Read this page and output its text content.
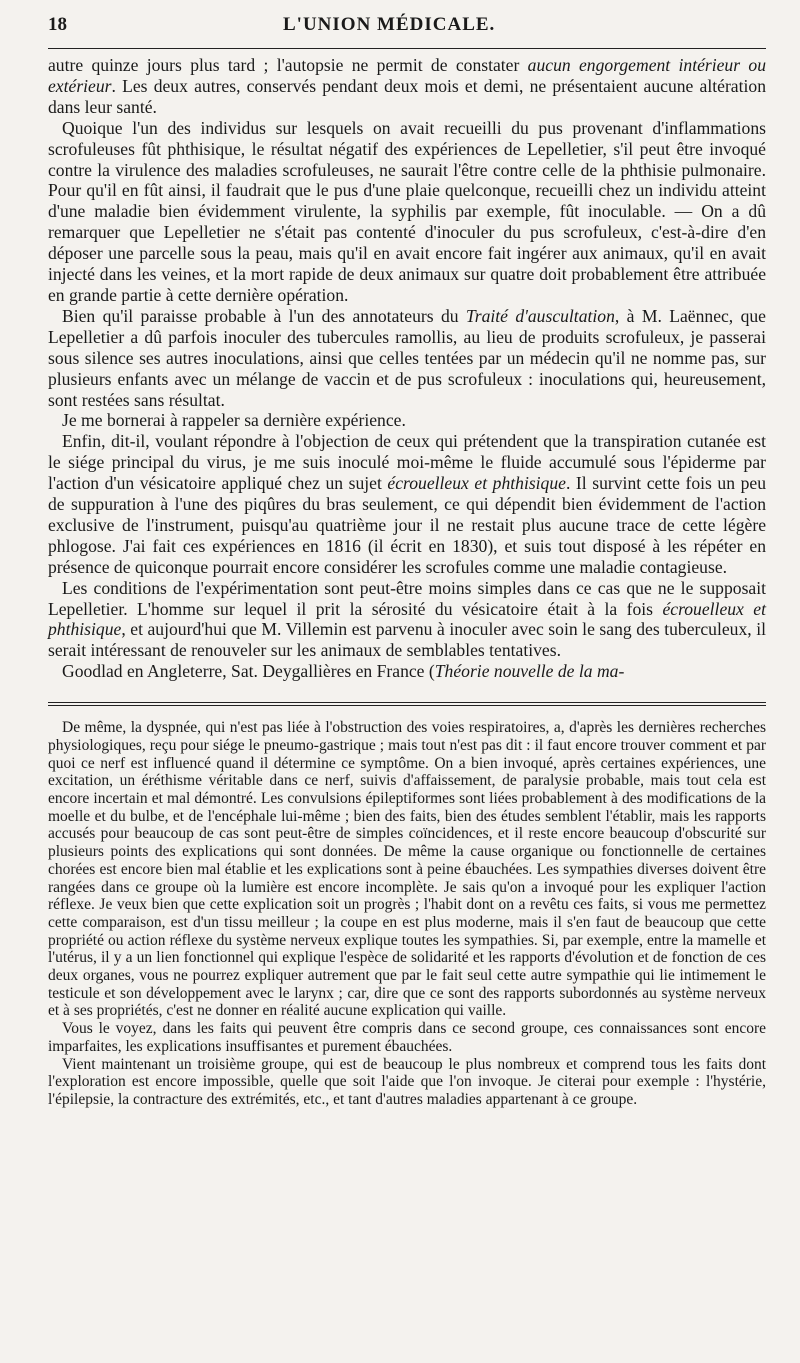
18	L'UNION MÉDICALE.

autre quinze jours plus tard ; l'autopsie ne permit de constater aucun engorgement intérieur ou extérieur. Les deux autres, conservés pendant deux mois et demi, ne présentaient aucune altération dans leur santé.

Quoique l'un des individus sur lesquels on avait recueilli du pus provenant d'inflammations scrofuleuses fût phthisique, le résultat négatif des expériences de Lepelletier, s'il peut être invoqué contre la virulence des maladies scrofuleuses, ne saurait l'être contre celle de la phthisie pulmonaire. Pour qu'il en fût ainsi, il faudrait que le pus d'une plaie quelconque, recueilli chez un individu atteint d'une maladie bien évidemment virulente, la syphilis par exemple, fût inoculable. — On a dû remarquer que Lepelletier ne s'était pas contenté d'inoculer du pus scrofuleux, c'est-à-dire d'en déposer une parcelle sous la peau, mais qu'il en avait encore fait ingérer aux animaux, qu'il en avait injecté dans les veines, et la mort rapide de deux animaux sur quatre doit probablement être attribuée en grande partie à cette dernière opération.

Bien qu'il paraisse probable à l'un des annotateurs du Traité d'auscultation, à M. Laënnec, que Lepelletier a dû parfois inoculer des tubercules ramollis, au lieu de produits scrofuleux, je passerai sous silence ses autres inoculations, ainsi que celles tentées par un médecin qu'il ne nomme pas, sur plusieurs enfants avec un mélange de vaccin et de pus scrofuleux : inoculations qui, heureusement, sont restées sans résultat.

Je me bornerai à rappeler sa dernière expérience.

Enfin, dit-il, voulant répondre à l'objection de ceux qui prétendent que la transpiration cutanée est le siége principal du virus, je me suis inoculé moi-même le fluide accumulé sous l'épiderme par l'action d'un vésicatoire appliqué chez un sujet écrouelleux et phthisique. Il survint cette fois un peu de suppuration à l'une des piqûres du bras seulement, ce qui dépendit bien évidemment de l'action exclusive de l'instrument, puisqu'au quatrième jour il ne restait plus aucune trace de cette légère phlogose. J'ai fait ces expériences en 1816 (il écrit en 1830), et suis tout disposé à les répéter en présence de quiconque pourrait encore considérer les scrofules comme une maladie contagieuse.

Les conditions de l'expérimentation sont peut-être moins simples dans ce cas que ne le supposait Lepelletier. L'homme sur lequel il prit la sérosité du vésicatoire était à la fois écrouelleux et phthisique, et aujourd'hui que M. Villemin est parvenu à inoculer avec soin le sang des tuberculeux, il serait intéressant de renouveler sur les animaux de semblables tentatives.

Goodlad en Angleterre, Sat. Deygallières en France (Théorie nouvelle de la ma-

De même, la dyspnée, qui n'est pas liée à l'obstruction des voies respiratoires, a, d'après les dernières recherches physiologiques, reçu pour siége le pneumo-gastrique ; mais tout n'est pas dit : il faut encore trouver comment et par quoi ce nerf est influencé quand il détermine ce symptôme. On a bien invoqué, après certaines expériences, une excitation, un éréthisme véritable dans ce nerf, suivis d'affaissement, de paralysie probable, mais tout cela est encore incertain et mal démontré. Les convulsions épileptiformes sont liées probablement à des modifications de la moelle et du bulbe, et de l'encéphale lui-même ; bien des faits, bien des études semblent l'établir, mais les rapports accusés pour beaucoup de cas sont peut-être de simples coïncidences, et il reste encore beaucoup d'obscurité sur plusieurs points des explications qui sont données. De même la cause organique ou fonctionnelle de certaines chorées est encore bien mal établie et les explications sont à peine ébauchées. Les sympathies diverses doivent être rangées dans ce groupe où la lumière est encore incomplète. Je sais qu'on a invoqué pour les expliquer l'action réflexe. Je veux bien que cette explication soit un progrès ; l'habit dont on a revêtu ces faits, si vous me permettez cette comparaison, est d'un tissu meilleur ; la coupe en est plus moderne, mais il s'en faut de beaucoup que cette propriété ou action réflexe du système nerveux explique toutes les sympathies. Si, par exemple, entre la mamelle et l'utérus, il y a un lien fonctionnel qui explique l'espèce de solidarité et les rapports d'évolution et de fonction de ces deux organes, vous ne pourrez expliquer autrement que par le fait seul cette autre sympathie qui lie intimement le testicule et son développement avec le larynx ; car, dire que ce sont des rapports subordonnés au système nerveux et à ses propriétés, c'est ne donner en réalité aucune explication qui vaille.

Vous le voyez, dans les faits qui peuvent être compris dans ce second groupe, ces connaissances sont encore imparfaites, les explications insuffisantes et purement ébauchées.

Vient maintenant un troisième groupe, qui est de beaucoup le plus nombreux et comprend tous les faits dont l'exploration est encore impossible, quelle que soit l'aide que l'on invoque. Je citerai pour exemple : l'hystérie, l'épilepsie, la contracture des extrémités, etc., et tant d'autres maladies appartenant à ce groupe.
